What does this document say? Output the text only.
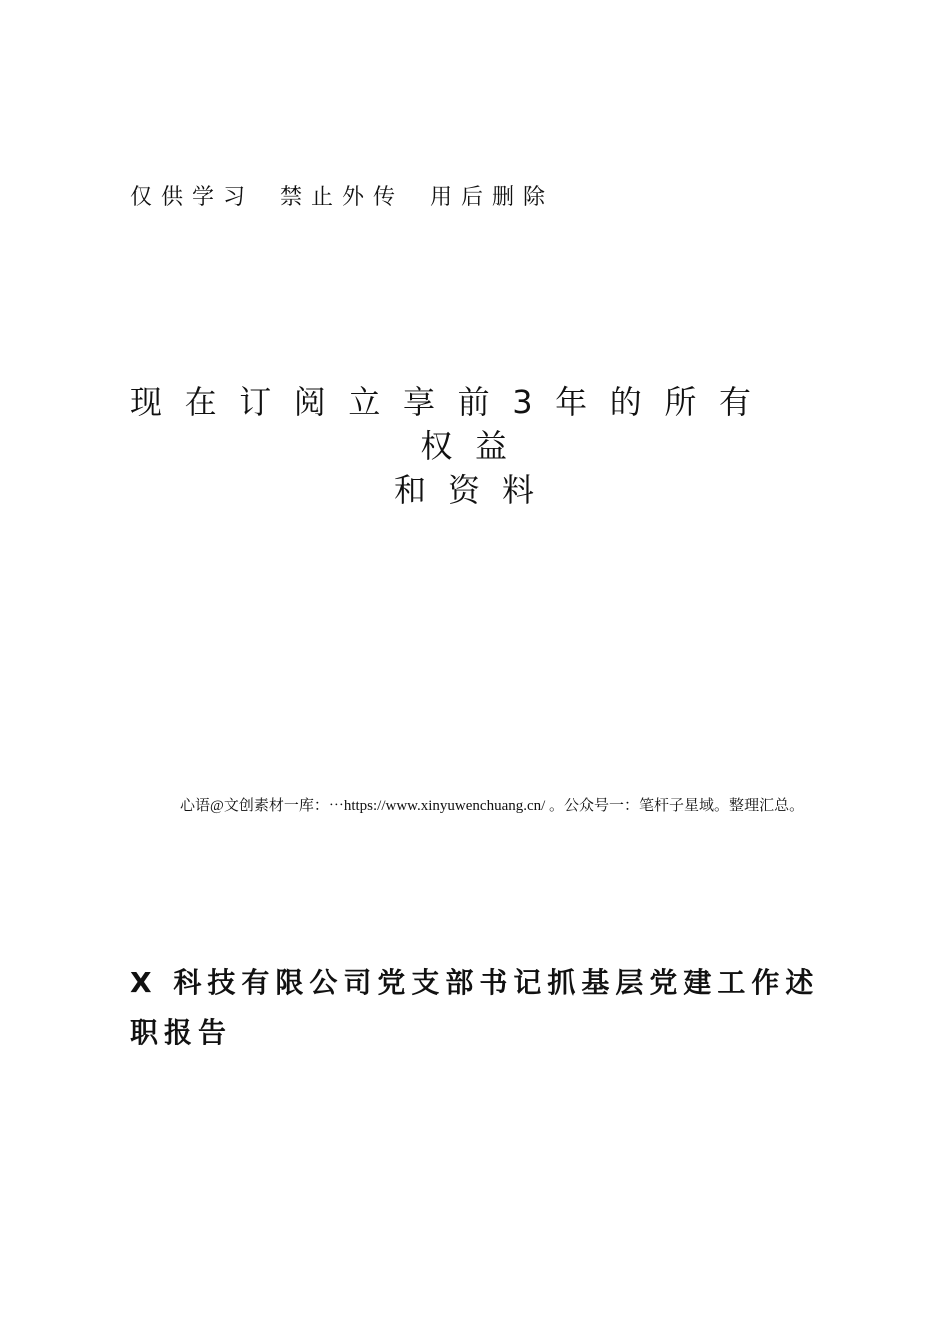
仅供学习 禁止外传 用后删除
现在订阅立享前3年的所有权益
和资料
心语@文创素材一库：⋯https://www.xinyuwenchuang.cn/ 。公众号一：笔杆子星域。整理汇总。
X 科技有限公司党支部书记抓基层党建工作述职报告
